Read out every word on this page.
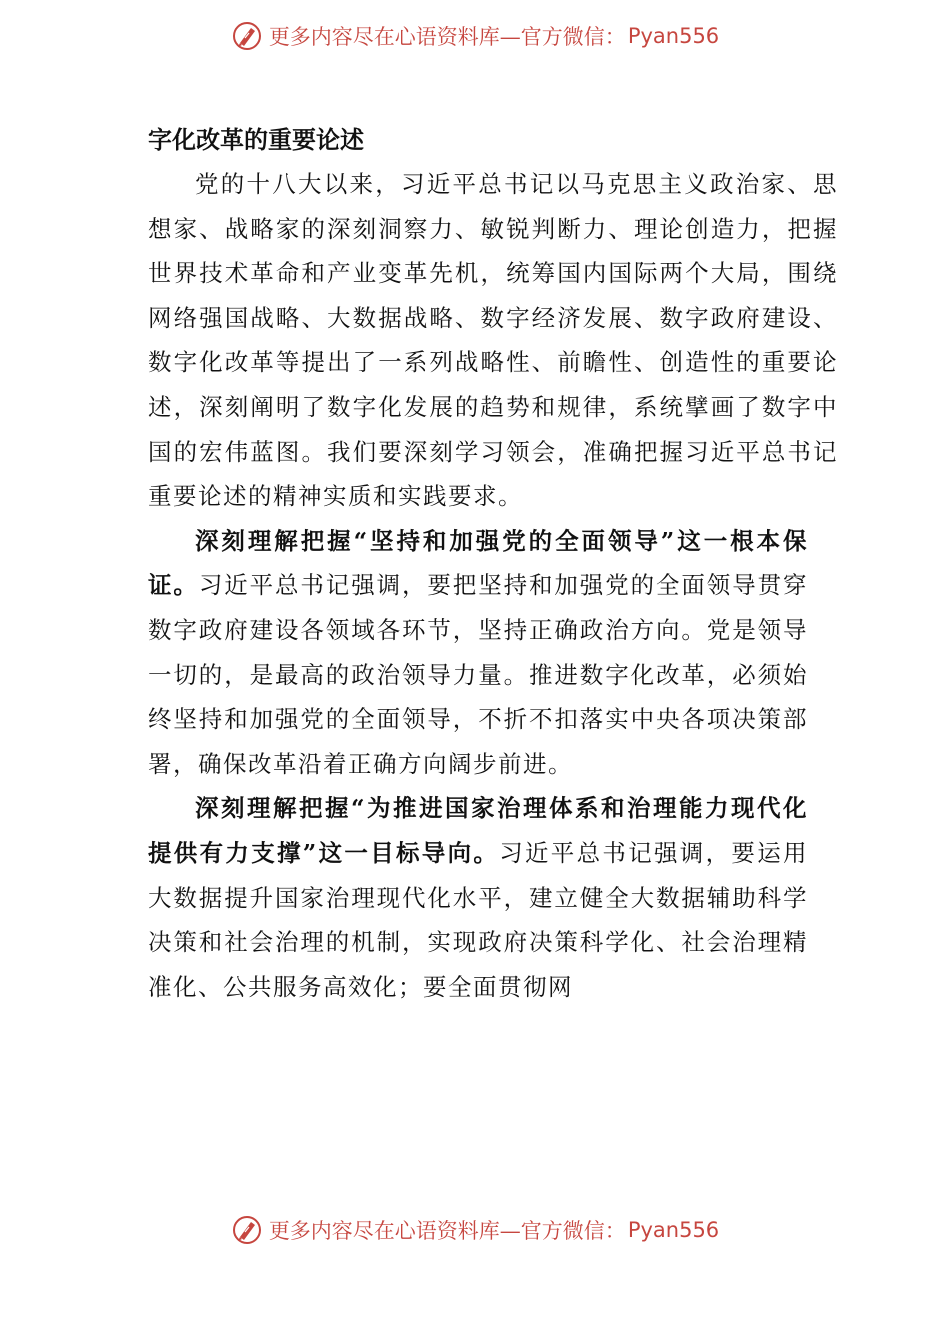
更多内容尽在心语资料库—官方微信： Pyan556
字化改革的重要论述

党的十八大以来，习近平总书记以马克思主义政治家、思想家、战略家的深刻洞察力、敏锐判断力、理论创造力，把握世界技术革命和产业变革先机，统筹国内国际两个大局，围绕网络强国战略、大数据战略、数字经济发展、数字政府建设、数字化改革等提出了一系列战略性、前瞻性、创造性的重要论述，深刻阐明了数字化发展的趋势和规律，系统擘画了数字中国的宏伟蓝图。我们要深刻学习领会，准确把握习近平总书记重要论述的精神实质和实践要求。

深刻理解把握“坚持和加强党的全面领导”这一根本保证。习近平总书记强调，要把坚持和加强党的全面领导贯穿数字政府建设各领域各环节，坚持正确政治方向。党是领导一切的，是最高的政治领导力量。推进数字化改革，必须始终坚持和加强党的全面领导，不折不扣落实中央各项决策部署，确保改革沿着正确方向阔步前进。

深刻理解把握“为推进国家治理体系和治理能力现代化提供有力支撑”这一目标导向。习近平总书记强调，要运用大数据提升国家治理现代化水平，建立健全大数据辅助科学决策和社会治理的机制，实现政府决策科学化、社会治理精准化、公共服务高效化；要全面贯彻网

更多内容尽在心语资料库—官方微信： Pyan556
